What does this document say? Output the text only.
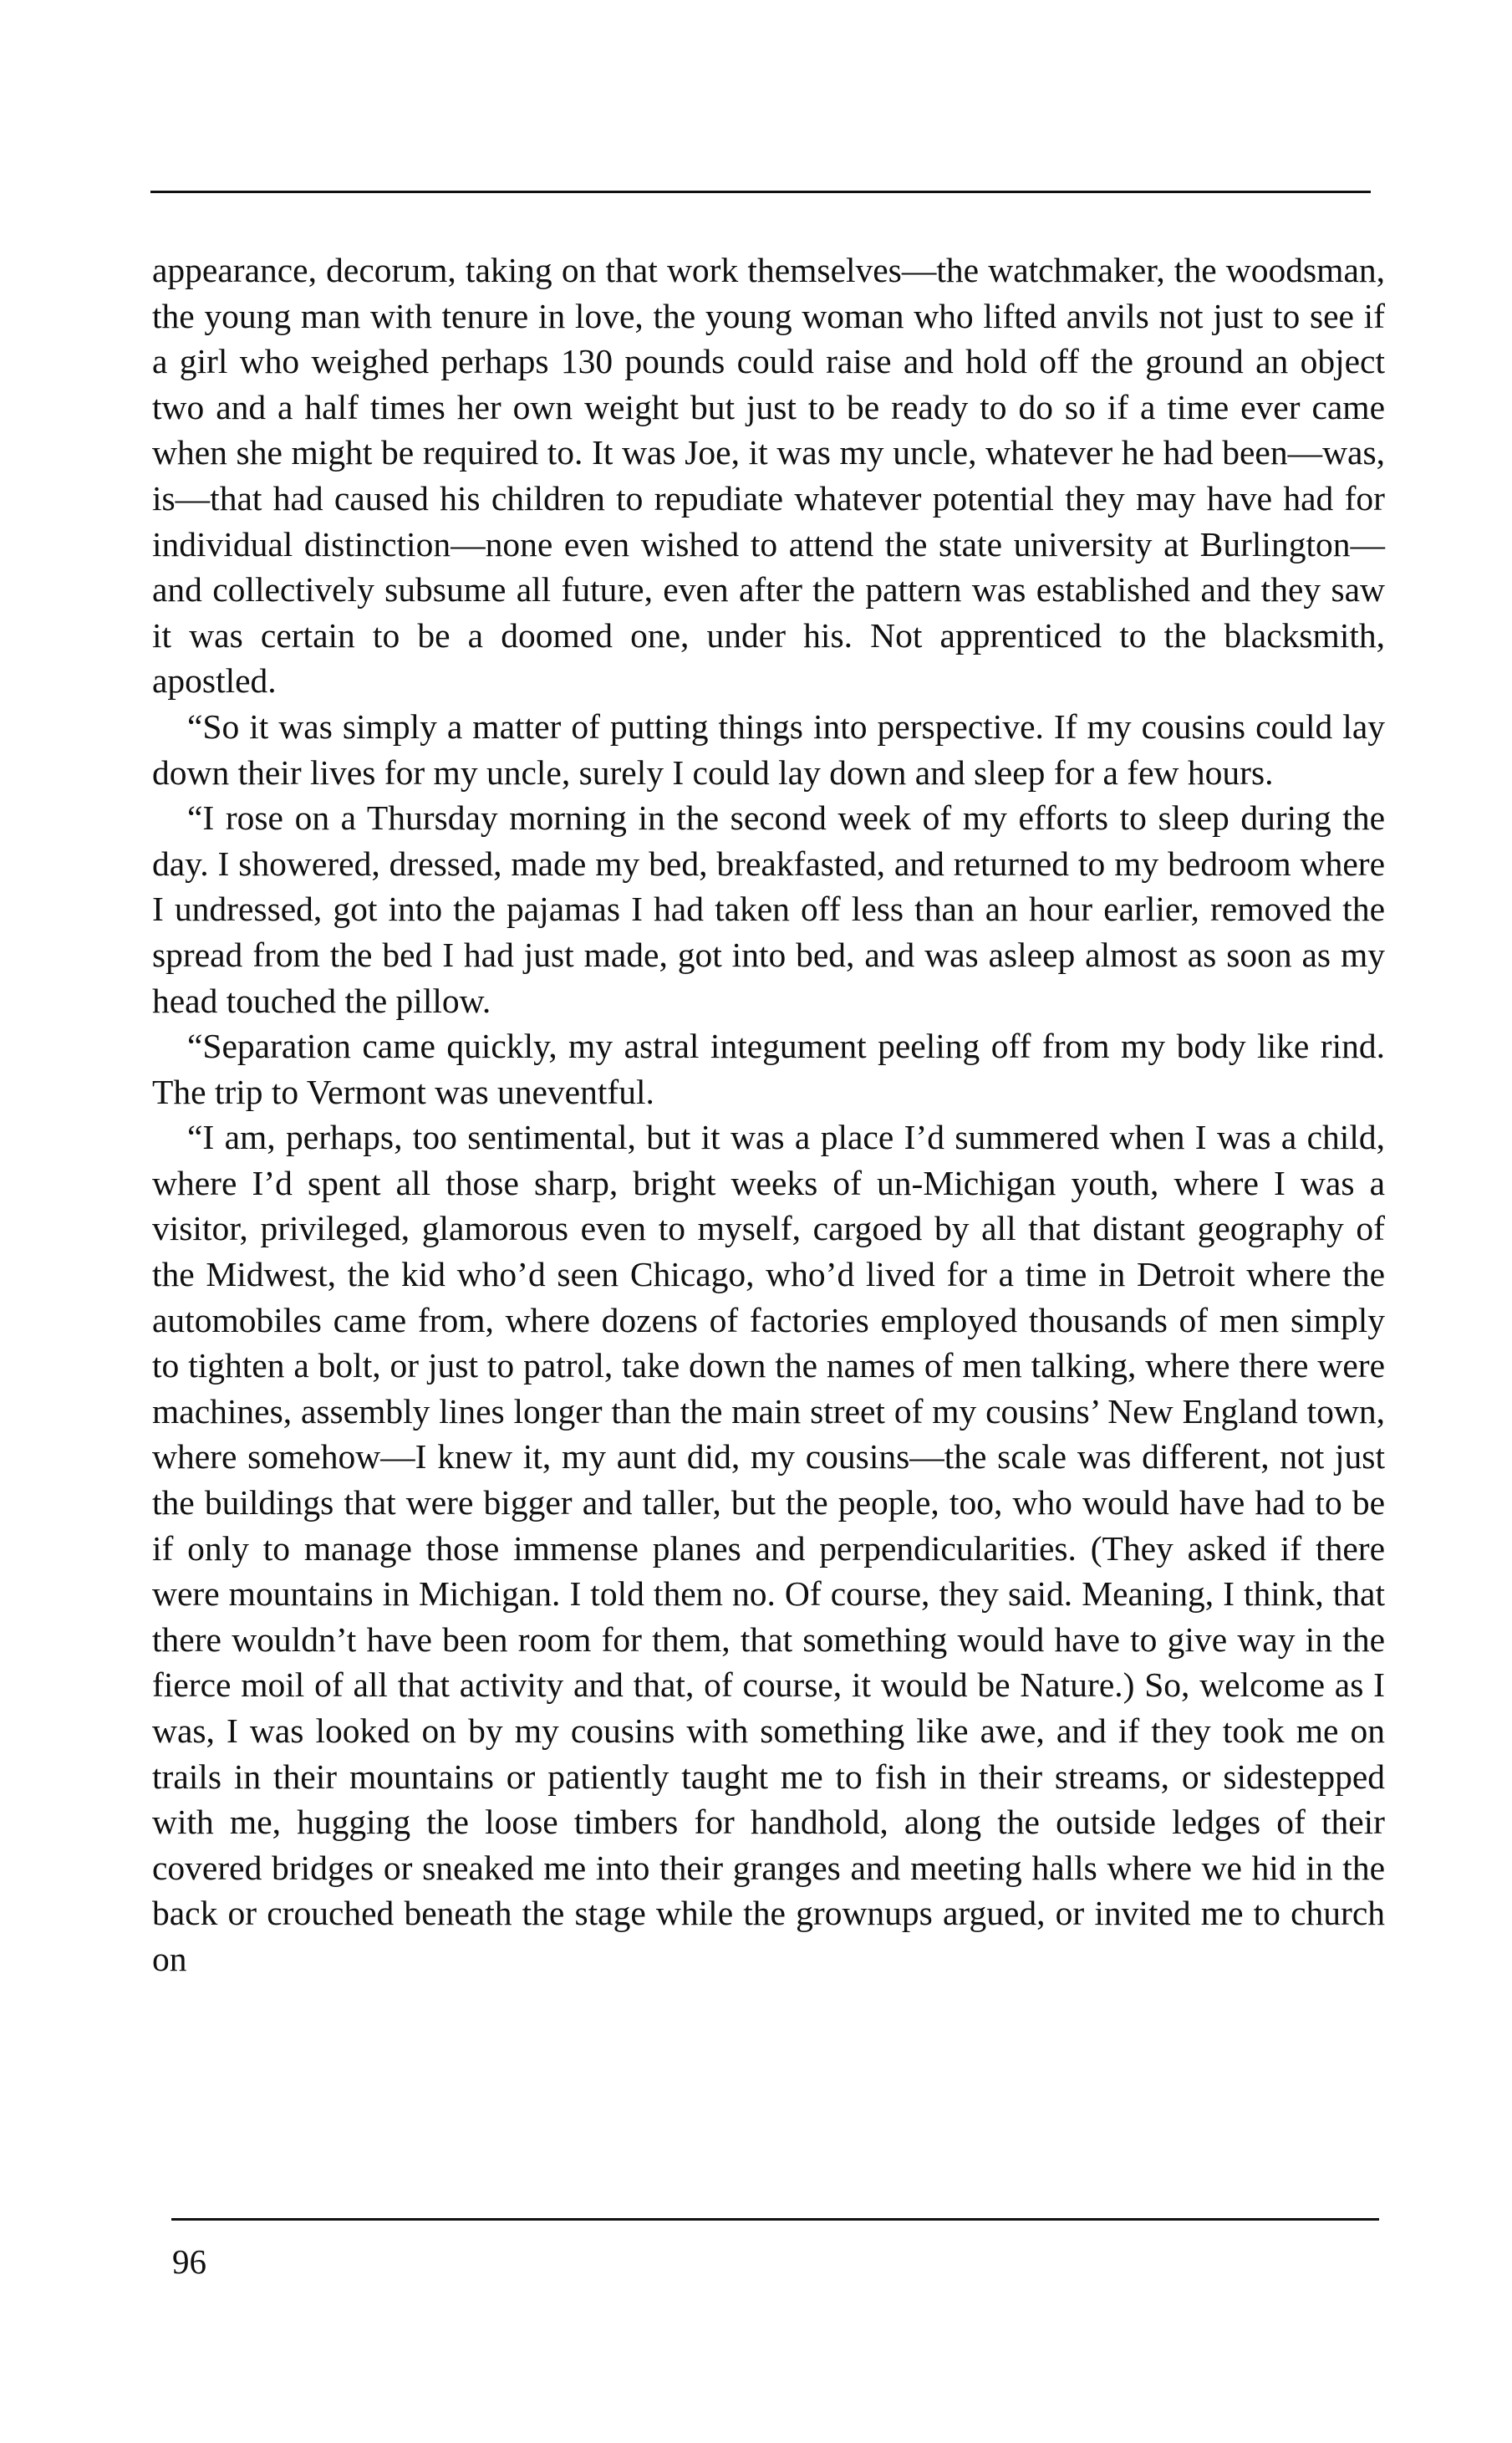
appearance, decorum, taking on that work themselves—the watchmaker, the woodsman, the young man with tenure in love, the young woman who lifted anvils not just to see if a girl who weighed perhaps 130 pounds could raise and hold off the ground an object two and a half times her own weight but just to be ready to do so if a time ever came when she might be required to. It was Joe, it was my uncle, whatever he had been—was, is—that had caused his children to repudiate whatever potential they may have had for individual distinction—none even wished to attend the state university at Burlington—and collectively subsume all future, even after the pattern was established and they saw it was certain to be a doomed one, under his. Not apprenticed to the blacksmith, apostled.

“So it was simply a matter of putting things into perspective. If my cousins could lay down their lives for my uncle, surely I could lay down and sleep for a few hours.

“I rose on a Thursday morning in the second week of my efforts to sleep during the day. I showered, dressed, made my bed, breakfasted, and returned to my bedroom where I undressed, got into the pajamas I had taken off less than an hour earlier, removed the spread from the bed I had just made, got into bed, and was asleep almost as soon as my head touched the pillow.

“Separation came quickly, my astral integument peeling off from my body like rind. The trip to Vermont was uneventful.

“I am, perhaps, too sentimental, but it was a place I’d summered when I was a child, where I’d spent all those sharp, bright weeks of un-Michigan youth, where I was a visitor, privileged, glamorous even to myself, cargoed by all that distant geography of the Midwest, the kid who’d seen Chicago, who’d lived for a time in Detroit where the automobiles came from, where dozens of factories employed thousands of men simply to tighten a bolt, or just to patrol, take down the names of men talking, where there were machines, assembly lines longer than the main street of my cousins’ New England town, where somehow—I knew it, my aunt did, my cousins—the scale was different, not just the buildings that were bigger and taller, but the people, too, who would have had to be if only to manage those immense planes and perpendicularities. (They asked if there were mountains in Michigan. I told them no. Of course, they said. Meaning, I think, that there wouldn’t have been room for them, that something would have to give way in the fierce moil of all that activity and that, of course, it would be Nature.) So, welcome as I was, I was looked on by my cousins with something like awe, and if they took me on trails in their mountains or patiently taught me to fish in their streams, or sidestepped with me, hugging the loose timbers for handhold, along the outside ledges of their covered bridges or sneaked me into their granges and meeting halls where we hid in the back or crouched beneath the stage while the grownups argued, or invited me to church on

96
